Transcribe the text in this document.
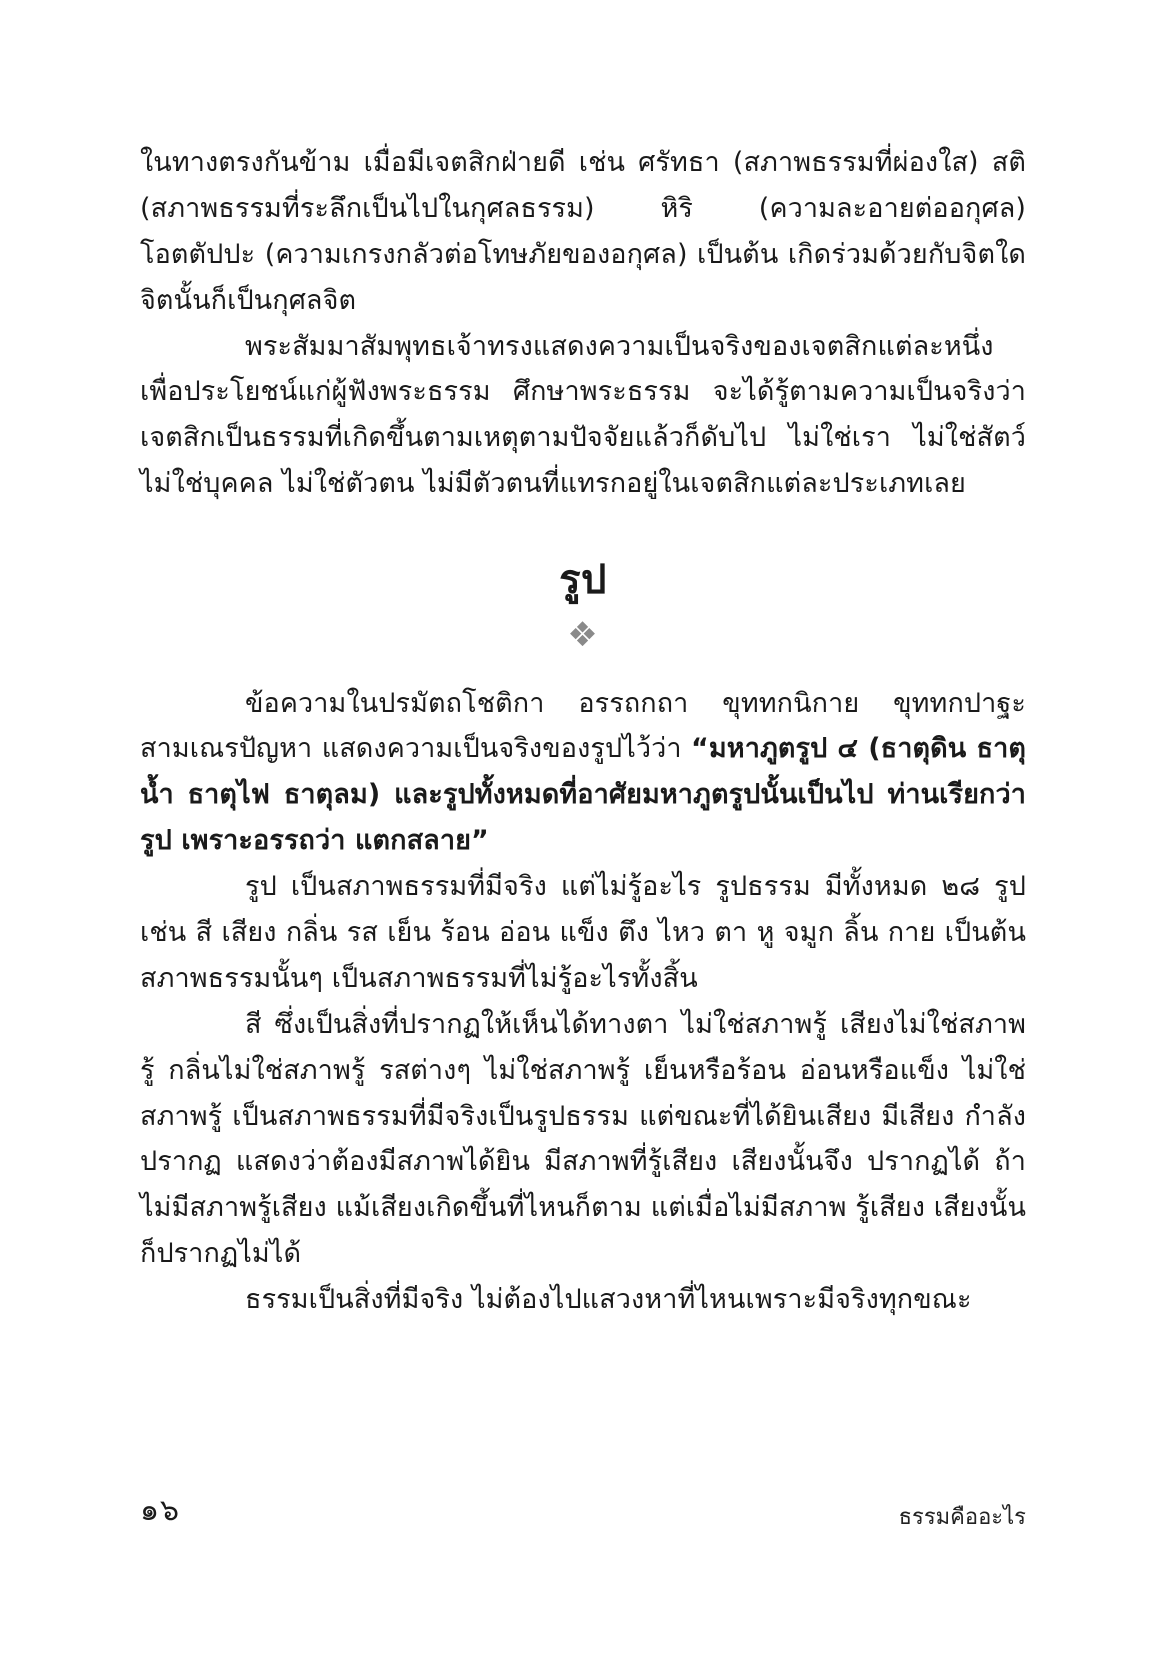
ในทางตรงกันข้าม เมื่อมีเจตสิกฝ่ายดี เช่น ศรัทธา (สภาพธรรมที่ผ่องใส) สติ (สภาพธรรมที่ระลึกเป็นไปในกุศลธรรม) หิริ (ความละอายต่ออกุศล) โอตตัปปะ (ความเกรงกลัวต่อโทษภัยของอกุศล) เป็นต้น เกิดร่วมด้วยกับจิตใด จิตนั้นก็เป็นกุศลจิต

พระสัมมาสัมพุทธเจ้าทรงแสดงความเป็นจริงของเจตสิกแต่ละหนึ่ง เพื่อประโยชน์แก่ผู้ฟังพระธรรม ศึกษาพระธรรม จะได้รู้ตามความเป็นจริงว่า เจตสิกเป็นธรรมที่เกิดขึ้นตามเหตุตามปัจจัยแล้วก็ดับไป ไม่ใช่เรา ไม่ใช่สัตว์ ไม่ใช่บุคคล ไม่ใช่ตัวตน ไม่มีตัวตนที่แทรกอยู่ในเจตสิกแต่ละประเภทเลย

รูป
❖

ข้อความในปรมัตถโชติกา อรรถกถา ขุททกนิกาย ขุททกปาฐะ สามเณรปัญหา แสดงความเป็นจริงของรูปไว้ว่า “มหาภูตรูป ๔ (ธาตุดิน ธาตุน้ำ ธาตุไฟ ธาตุลม) และรูปทั้งหมดที่อาศัยมหาภูตรูปนั้นเป็นไป ท่านเรียกว่า รูป เพราะอรรถว่า แตกสลาย”

รูป เป็นสภาพธรรมที่มีจริง แต่ไม่รู้อะไร รูปธรรม มีทั้งหมด ๒๘ รูป เช่น สี เสียง กลิ่น รส เย็น ร้อน อ่อน แข็ง ตึง ไหว ตา หู จมูก ลิ้น กาย เป็นต้น สภาพธรรมนั้นๆ เป็นสภาพธรรมที่ไม่รู้อะไรทั้งสิ้น

สี ซึ่งเป็นสิ่งที่ปรากฏให้เห็นได้ทางตา ไม่ใช่สภาพรู้ เสียงไม่ใช่สภาพรู้ กลิ่นไม่ใช่สภาพรู้ รสต่างๆ ไม่ใช่สภาพรู้ เย็นหรือร้อน อ่อนหรือแข็ง ไม่ใช่ สภาพรู้ เป็นสภาพธรรมที่มีจริงเป็นรูปธรรม แต่ขณะที่ได้ยินเสียง มีเสียง กำลังปรากฏ แสดงว่าต้องมีสภาพได้ยิน มีสภาพที่รู้เสียง เสียงนั้นจึง ปรากฏได้ ถ้าไม่มีสภาพรู้เสียง แม้เสียงเกิดขึ้นที่ไหนก็ตาม แต่เมื่อไม่มีสภาพ รู้เสียง เสียงนั้นก็ปรากฏไม่ได้

ธรรมเป็นสิ่งที่มีจริง ไม่ต้องไปแสวงหาที่ไหนเพราะมีจริงทุกขณะ

๑๖	ธรรมคืออะไร
